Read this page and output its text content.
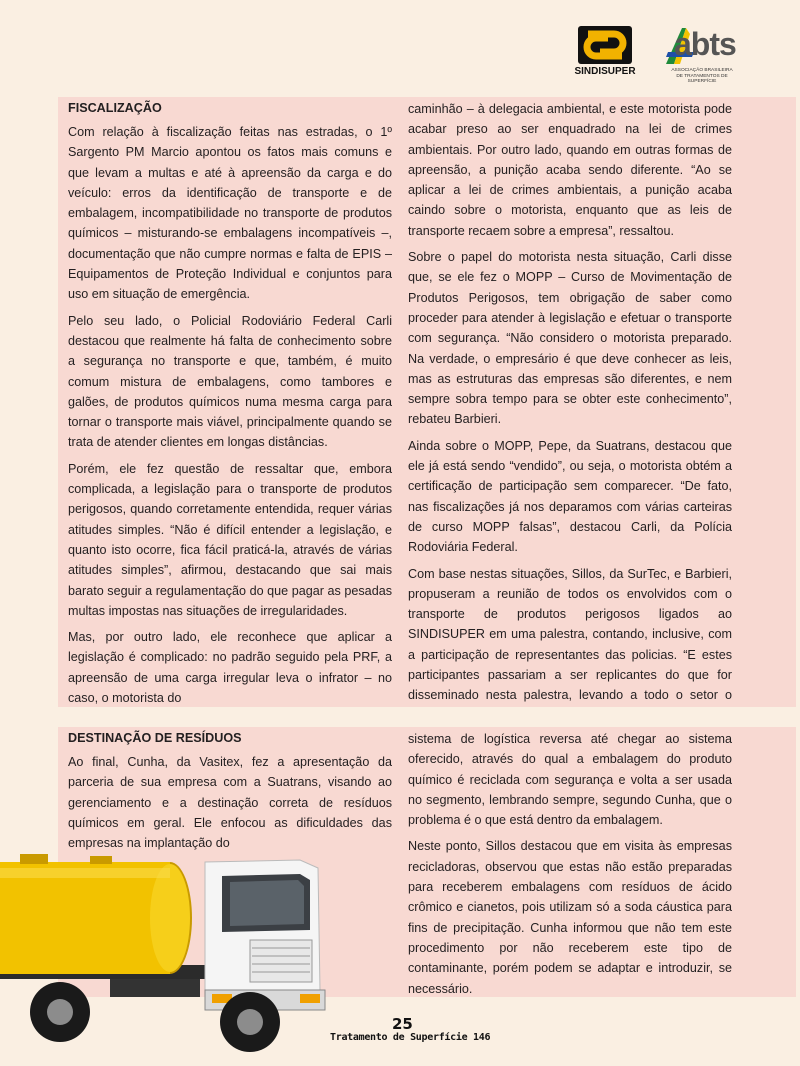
SINDISUPER
abts
ASSOCIAÇÃO BRASILEIRA
DE TRATAMENTOS DE SUPERFÍCIE
FISCALIZAÇÃO

Com relação à fiscalização feitas nas estradas, o 1º Sargento PM Marcio apontou os fatos mais comuns e que levam a multas e até à apreensão da carga e do veículo: erros da identificação de transporte e de embalagem, incompatibilidade no transporte de produtos químicos – misturando-se embalagens incompatíveis –, documentação que não cumpre normas e falta de EPIS – Equipamentos de Proteção Individual e conjuntos para uso em situação de emergência.

Pelo seu lado, o Policial Rodoviário Federal Carli destacou que realmente há falta de conhecimento sobre a segurança no transporte e que, também, é muito comum mistura de embalagens, como tambores e galões, de produtos químicos numa mesma carga para tornar o transporte mais viável, principalmente quando se trata de atender clientes em longas distâncias.

Porém, ele fez questão de ressaltar que, embora complicada, a legislação para o transporte de produtos perigosos, quando corretamente entendida, requer várias atitudes simples. “Não é difícil entender a legislação, e quanto isto ocorre, fica fácil praticá-la, através de várias atitudes simples”, afirmou, destacando que sai mais barato seguir a regulamentação do que pagar as pesadas multas impostas nas situações de irregularidades.

Mas, por outro lado, ele reconhece que aplicar a legislação é complicado: no padrão seguido pela PRF, a apreensão de uma carga irregular leva o infrator – no caso, o motorista do

caminhão – à delegacia ambiental, e este motorista pode acabar preso ao ser enquadrado na lei de crimes ambientais. Por outro lado, quando em outras formas de apreensão, a punição acaba sendo diferente. “Ao se aplicar a lei de crimes ambientais, a punição acaba caindo sobre o motorista, enquanto que as leis de transporte recaem sobre a empresa”, ressaltou.

Sobre o papel do motorista nesta situação, Carli disse que, se ele fez o MOPP – Curso de Movimentação de Produtos Perigosos, tem obrigação de saber como proceder para atender à legislação e efetuar o transporte com segurança. “Não considero o motorista preparado. Na verdade, o empresário é que deve conhecer as leis, mas as estruturas das empresas são diferentes, e nem sempre sobra tempo para se obter este conhecimento”, rebateu Barbieri.

Ainda sobre o MOPP, Pepe, da Suatrans, destacou que ele já está sendo “vendido”, ou seja, o motorista obtém a certificação de participação sem comparecer. “De fato, nas fiscalizações já nos deparamos com várias carteiras de curso MOPP falsas”, destacou Carli, da Polícia Rodoviária Federal.

Com base nestas situações, Sillos, da SurTec, e Barbieri, propuseram a reunião de todos os envolvidos com o transporte de produtos perigosos ligados ao SINDISUPER em uma palestra, contando, inclusive, com a participação de representantes das policias. “E estes participantes passariam a ser replicantes do que for disseminado nesta palestra, levando a todo o setor o

DESTINAÇÃO DE RESÍDUOS

Ao final, Cunha, da Vasitex, fez a apresentação da parceria de sua empresa com a Suatrans, visando ao gerenciamento e a destinação correta de resíduos químicos em geral. Ele enfocou as dificuldades das empresas na implantação do

sistema de logística reversa até chegar ao sistema oferecido, através do qual a embalagem do produto químico é reciclada com segurança e volta a ser usada no segmento, lembrando sempre, segundo Cunha, que o problema é o que está dentro da embalagem.

Neste ponto, Sillos destacou que em visita às empresas recicladoras, observou que estas não estão preparadas para receberem embalagens com resíduos de ácido crômico e cianetos, pois utilizam só a soda cáustica para fins de precipitação. Cunha informou que não tem este procedimento por não receberem este tipo de contaminante, porém podem se adaptar e introduzir, se necessário.

25
Tratamento de Superfície 146
